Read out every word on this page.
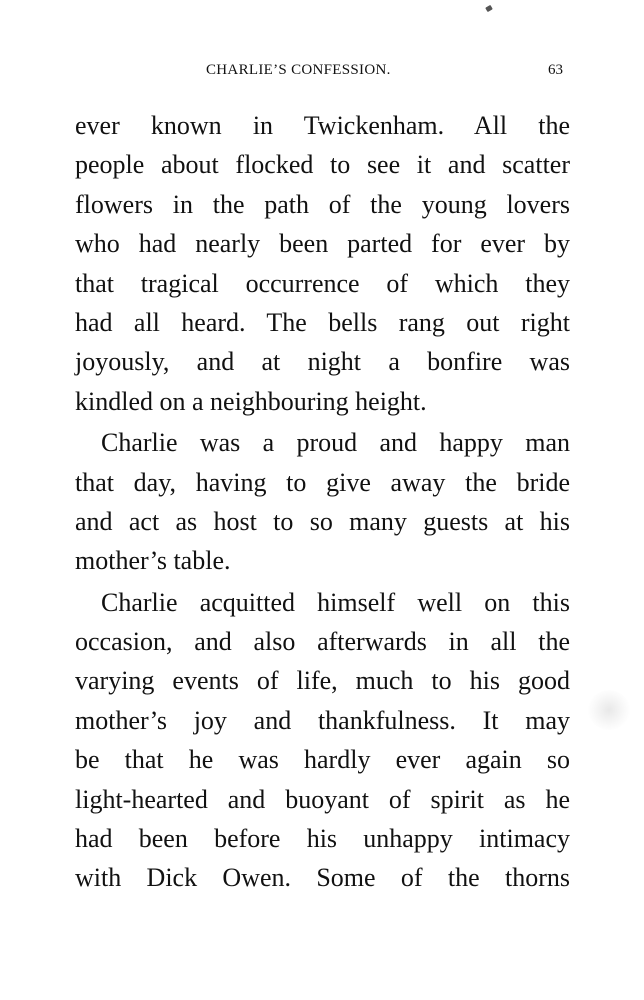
CHARLIE’S CONFESSION.	63
ever known in Twickenham. All the
people about flocked to see it and scatter
flowers in the path of the young lovers
who had nearly been parted for ever by
that tragical occurrence of which they
had all heard. The bells rang out right
joyously, and at night a bonfire was
kindled on a neighbouring height.
Charlie was a proud and happy man
that day, having to give away the bride
and act as host to so many guests at his
mother’s table.
Charlie acquitted himself well on this
occasion, and also afterwards in all the
varying events of life, much to his good
mother’s joy and thankfulness. It may
be that he was hardly ever again so
light-hearted and buoyant of spirit as he
had been before his unhappy intimacy
with Dick Owen. Some of the thorns
